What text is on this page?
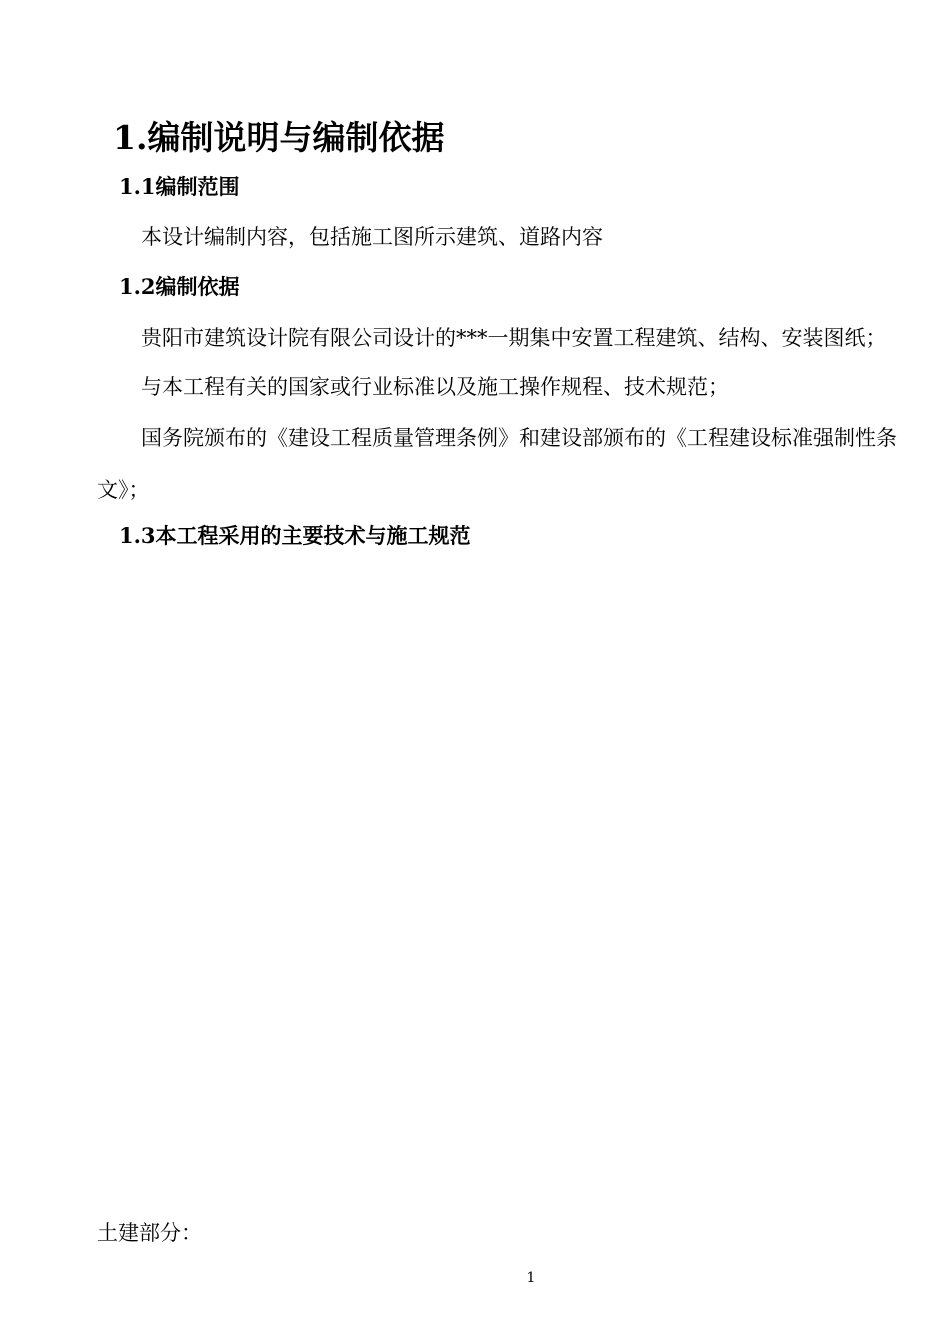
1.编制说明与编制依据
1.1编制范围
本设计编制内容，包括施工图所示建筑、道路内容
1.2编制依据
贵阳市建筑设计院有限公司设计的***一期集中安置工程建筑、结构、安装图纸；
与本工程有关的国家或行业标准以及施工操作规程、技术规范；
国务院颁布的《建设工程质量管理条例》和建设部颁布的《工程建设标准强制性条文》；
1.3本工程采用的主要技术与施工规范
土建部分：
1
